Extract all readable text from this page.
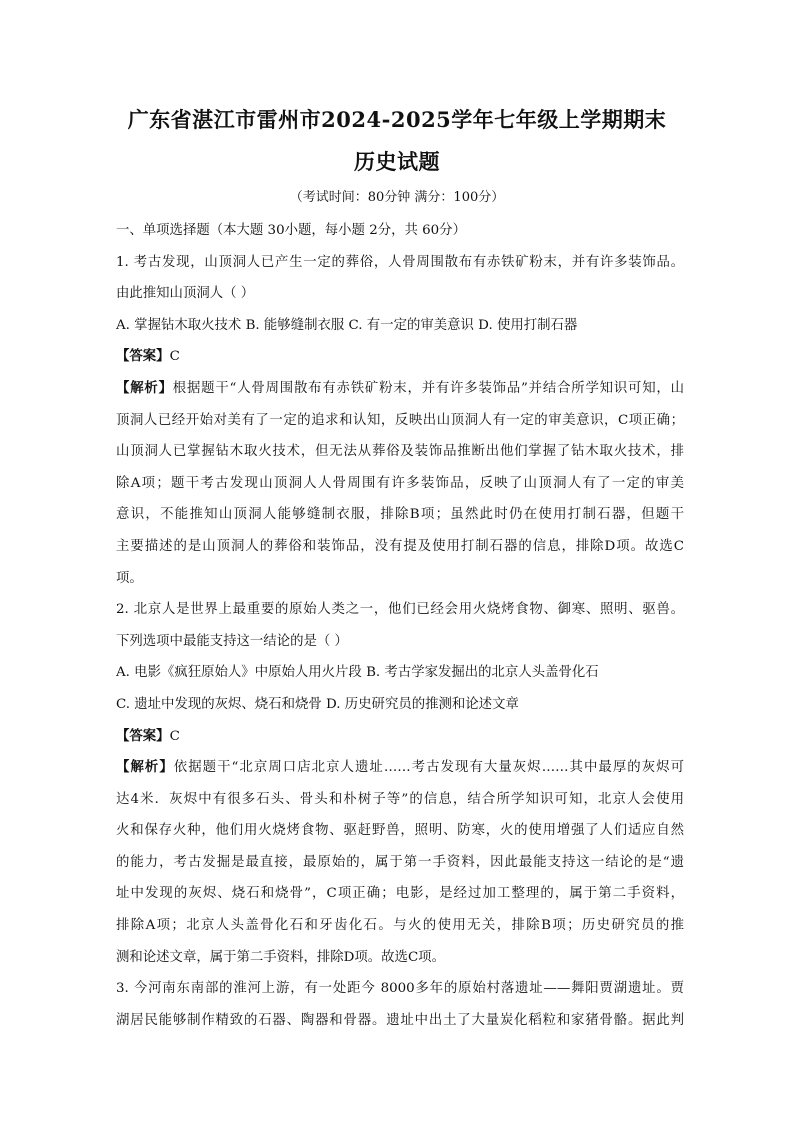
广东省湛江市雷州市2024-2025学年七年级上学期期末
历史试题
（考试时间：80分钟 满分：100分）
一、单项选择题（本大题 30小题，每小题 2分，共 60分）
1. 考古发现，山顶洞人已产生一定的葬俗，人骨周围散布有赤铁矿粉末，并有许多装饰品。
由此推知山顶洞人（ ）
A. 掌握钻木取火技术 B. 能够缝制衣服 C. 有一定的审美意识 D. 使用打制石器
【答案】C
【解析】根据题干“人骨周围散布有赤铁矿粉末，并有许多装饰品”并结合所学知识可知，山
顶洞人已经开始对美有了一定的追求和认知，反映出山顶洞人有一定的审美意识，C项正确；
山顶洞人已掌握钻木取火技术，但无法从葬俗及装饰品推断出他们掌握了钻木取火技术，排
除A项；题干考古发现山顶洞人人骨周围有许多装饰品，反映了山顶洞人有了一定的审美
意识，不能推知山顶洞人能够缝制衣服，排除B项；虽然此时仍在使用打制石器，但题干
主要描述的是山顶洞人的葬俗和装饰品，没有提及使用打制石器的信息，排除D项。故选C
项。
2. 北京人是世界上最重要的原始人类之一，他们已经会用火烧烤食物、御寒、照明、驱兽。
下列选项中最能支持这一结论的是（ ）
A. 电影《疯狂原始人》中原始人用火片段 B. 考古学家发掘出的北京人头盖骨化石
C. 遗址中发现的灰烬、烧石和烧骨 D. 历史研究员的推测和论述文章
【答案】C
【解析】依据题干“北京周口店北京人遗址……考古发现有大量灰烬……其中最厚的灰烬可
达4米．灰烬中有很多石头、骨头和朴树子等”的信息，结合所学知识可知，北京人会使用
火和保存火种，他们用火烧烤食物、驱赶野兽，照明、防寒，火的使用增强了人们适应自然
的能力，考古发掘是最直接，最原始的，属于第一手资料，因此最能支持这一结论的是“遗
址中发现的灰烬、烧石和烧骨”，C项正确；电影，是经过加工整理的，属于第二手资料，
排除A项；北京人头盖骨化石和牙齿化石。与火的使用无关，排除B项；历史研究员的推
测和论述文章，属于第二手资料，排除D项。故选C项。
3. 今河南东南部的淮河上游，有一处距今 8000多年的原始村落遗址——舞阳贾湖遗址。贾
湖居民能够制作精致的石器、陶器和骨器。遗址中出土了大量炭化稻粒和家猪骨骼。据此判
